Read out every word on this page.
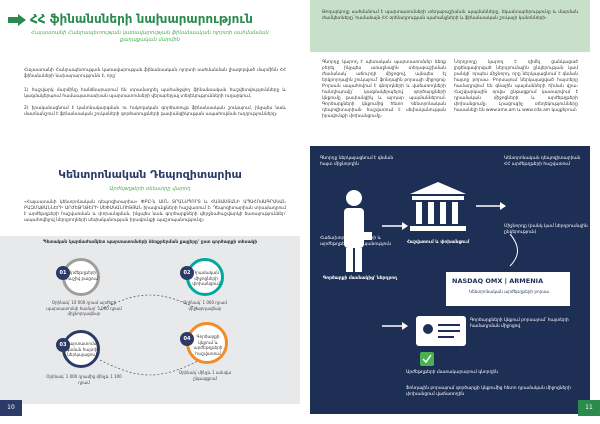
ՀՀ ֆինանսների նախարարություն
Հայաստանի Հանրապետության կառավարության ֆինանսական ոլորտի սահմանման քաղաքական մարմին
Հայաստանի Հանրապետության կառավարության ֆինանսական ոլորտի սահմանման լիազորված մարմինն ՀՀ ֆինանսների նախարարությունն է, որը՝
1) հաշվարկ մարմինը հանձնարարում են տրամադրել պահանջվող ֆինանսական հաշվետվությունները և կազմակերպում համապատասխան պարտատոմսերի վերաբերյալ տեղեկությունների ուղարկում,
2) իրականացնում է կանոնակարգման ու հսկողական գործառույթ ֆինանսական շուկայում, ինչպես նաև մատնանշում է ֆինանսական շուկաների գործառույթների թափանցիկության ապահովման ուղղությունները։
Կենտրոնական Դեպոզիտարիա
Արժեթղթերի ռեեստրը վարող
«Հայաստանի կենտրոնական դեպոզիտարիա» ՓԲԸ-ն ԱՄՆ ՏՐԱՆՍՊՈՐՏ և ՀԱՅԱՍՏԱՆԻ ԱՊԱՀՈՎԱԳՐԱԿԱՆ ԲԱԶՄԱՔԱՆՆԵՐԻ ԱՐԺԵԹՂԹԵՐԻ ՍԵՓԱԿԱՆՈՒԹՅԱՆ իրավունքների հաշվառում է։ Դեպոզիտարիան տրամադրում է արժեթղթերի հաշվառման և փոխանցման, ինչպես նաև գործարքների վերջնահաշվարկի ծառայություններ՝ ապահովելով ներդրողների սեփականության իրավունքի պաշտպանությունը։
Պետական կարճաժամկետ պարտատոմսերի ձեռքբերման քայլերը՝ ըստ գործարքի տեսակի
01 Արժեթղթերի հաշիվ բացում
Օրինակ՝ 10 000 դրամ արժեքի պարտատոմսի համար՝ 5 000 դրամ միջնորդավճար
02 Դրամական միջոցների փոխանցում
Օրինակ՝ 1 000 դրամ միջնորդավճար
03 Պարտատոմսի գնման հայտի ներկայացում
Օրինակ՝ 1 000 դրամից մինչև 1 100 դրամ
04	Գործարքի կնքում և արժեթղթերի հաշվառում
Օրինակ՝ մինչև 1 ամսվա ընթացքում
10
Թողարկողը սահմանում է պարտատոմսերի տեղաբաշխման պայմանները, եկամտաբերությունը և մարման ժամկետները՝ համաձայն ՀՀ օրենսդրության պահանջների և ֆինանսական շուկայի կանոնների։
Գնորդը կարող է պետական պարտատոմսեր ձեռք բերել ինչպես առաջնային տեղաբաշխման ժամանակ՝ աճուրդի միջոցով, այնպես էլ երկրորդային շուկայում՝ ֆոնդային բորսայի միջոցով։ Բորսան ապահովում է գնորդների և վաճառողների հանդիպումը՝ կազմակերպելով գործարքների կնքումը թափանցիկ և արդար պայմաններում։ Գործարքների կնքումից հետո Կենտրոնական դեպոզիտարիան հաշվառում է սեփականության իրավունքի փոխանցումը։
Ներդրողը կարող է դիմել ցանկացած լիցենզավորված ներդրումային ընկերության կամ բանկի՝ որպես միջնորդ, որը ներկայացնում է գնման հայտը բորսա։ Բորսայում ներկայացված հայտերը համադրվում են գնային պայմանների հիման վրա։ Հաշվարկային օրվա ընթացքում կատարվում է դրամական միջոցների և արժեթղթերի փոխանցումը։ Լրացուցիչ տեղեկությունները հասանելի են www.amx.am և www.cda.am կայքերում։
Կենտրոնական դեպոզիտարիան ՀՀ արժեթղթերի հաշվառում
Գնորդը ներկայացնում է գնման հայտ միջնորդին
Հաճախորդի միջոցների և արժեթղթերի պահպանություն
Գործարքի մասնակից՝ ներդրող
Հաշվառում և փոխանցում
Միջնորդը (բանկ կամ ներդրումային ընկերություն)
NASDAQ OMX | ARMENIA
Կենտրոնական արժեթղթերի բորսա
Գործարքների կնքում բորսայում՝ հայտերի համադրման միջոցով
Արժեթղթերի մատակարարում գնորդին
Ֆոնդային բորսայում գործարքի կնքումից հետո դրամական միջոցների փոխանցում վաճառողին
11
